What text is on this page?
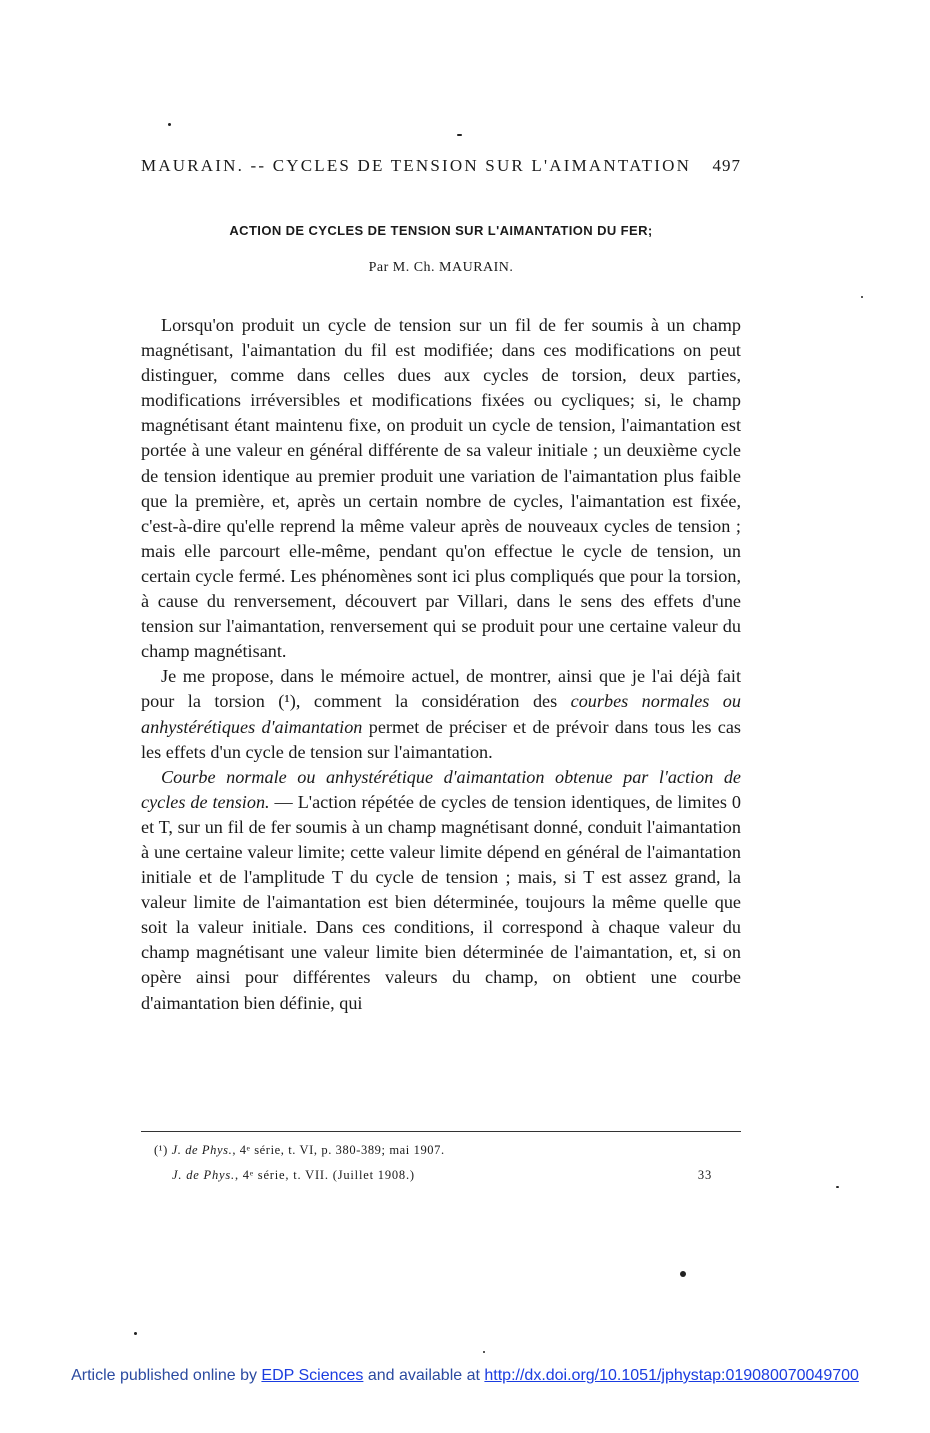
MAURAIN. -- CYCLES DE TENSION SUR L'AIMANTATION 497
ACTION DE CYCLES DE TENSION SUR L'AIMANTATION DU FER;
Par M. Ch. MAURAIN.

Lorsqu'on produit un cycle de tension sur un fil de fer soumis à un champ magnétisant, l'aimantation du fil est modifiée; dans ces modifications on peut distinguer, comme dans celles dues aux cycles de torsion, deux parties, modifications irréversibles et modifications fixées ou cycliques; si, le champ magnétisant étant maintenu fixe, on produit un cycle de tension, l'aimantation est portée à une valeur en général différente de sa valeur initiale ; un deuxième cycle de tension identique au premier produit une variation de l'aimantation plus faible que la première, et, après un certain nombre de cycles, l'aimantation est fixée, c'est-à-dire qu'elle reprend la même valeur après de nouveaux cycles de tension ; mais elle parcourt elle-même, pendant qu'on effectue le cycle de tension, un certain cycle fermé. Les phénomènes sont ici plus compliqués que pour la torsion, à cause du renversement, découvert par Villari, dans le sens des effets d'une tension sur l'aimantation, renversement qui se produit pour une certaine valeur du champ magnétisant.

Je me propose, dans le mémoire actuel, de montrer, ainsi que je l'ai déjà fait pour la torsion (¹), comment la considération des courbes normales ou anhystérétiques d'aimantation permet de préciser et de prévoir dans tous les cas les effets d'un cycle de tension sur l'aimantation.

Courbe normale ou anhystérétique d'aimantation obtenue par l'action de cycles de tension. — L'action répétée de cycles de tension identiques, de limites 0 et T, sur un fil de fer soumis à un champ magnétisant donné, conduit l'aimantation à une certaine valeur limite; cette valeur limite dépend en général de l'aimantation initiale et de l'amplitude T du cycle de tension ; mais, si T est assez grand, la valeur limite de l'aimantation est bien déterminée, toujours la même quelle que soit la valeur initiale. Dans ces conditions, il correspond à chaque valeur du champ magnétisant une valeur limite bien déterminée de l'aimantation, et, si on opère ainsi pour différentes valeurs du champ, on obtient une courbe d'aimantation bien définie, qui

(¹) J. de Phys., 4ᵉ série, t. VI, p. 380-389; mai 1907.
J. de Phys., 4ᵉ série, t. VII. (Juillet 1908.)	33
Article published online by EDP Sciences and available at http://dx.doi.org/10.1051/jphystap:019080070049700
